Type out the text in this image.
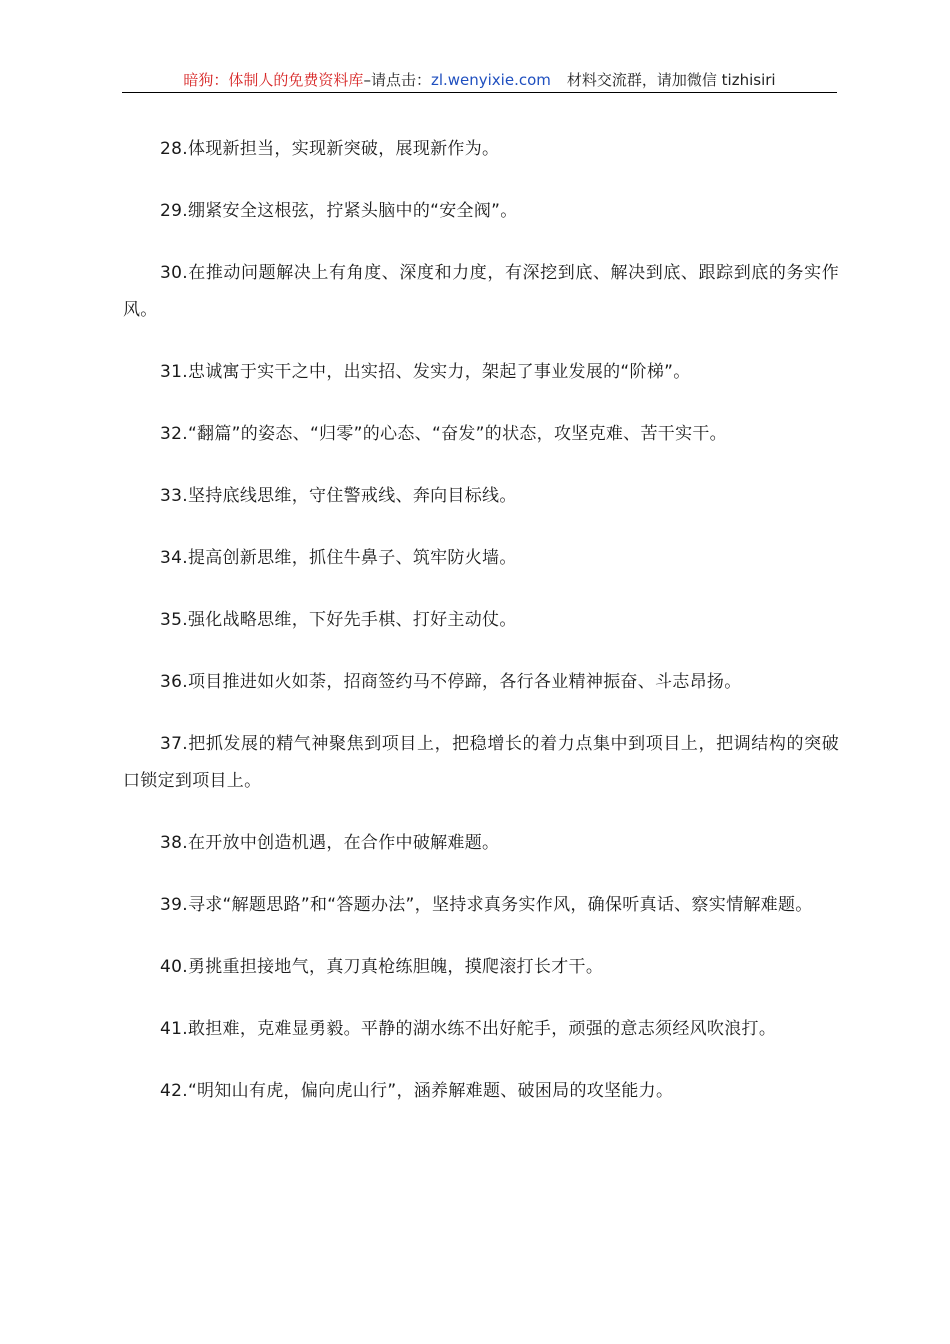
暗狗：体制人的免费资料库–请点击：zl.wenyixie.com 材料交流群，请加微信 tizhisiri

28.体现新担当，实现新突破，展现新作为。

29.绷紧安全这根弦，拧紧头脑中的“安全阀”。

30.在推动问题解决上有角度、深度和力度，有深挖到底、解决到底、跟踪到底的务实作风。

31.忠诚寓于实干之中，出实招、发实力，架起了事业发展的“阶梯”。

32.“翻篇”的姿态、“归零”的心态、“奋发”的状态，攻坚克难、苦干实干。

33.坚持底线思维，守住警戒线、奔向目标线。

34.提高创新思维，抓住牛鼻子、筑牢防火墙。

35.强化战略思维，下好先手棋、打好主动仗。

36.项目推进如火如荼，招商签约马不停蹄，各行各业精神振奋、斗志昂扬。

37.把抓发展的精气神聚焦到项目上，把稳增长的着力点集中到项目上，把调结构的突破口锁定到项目上。

38.在开放中创造机遇，在合作中破解难题。

39.寻求“解题思路”和“答题办法”，坚持求真务实作风，确保听真话、察实情解难题。

40.勇挑重担接地气，真刀真枪练胆魄，摸爬滚打长才干。

41.敢担难，克难显勇毅。平静的湖水练不出好舵手，顽强的意志须经风吹浪打。

42.“明知山有虎，偏向虎山行”，涵养解难题、破困局的攻坚能力。
